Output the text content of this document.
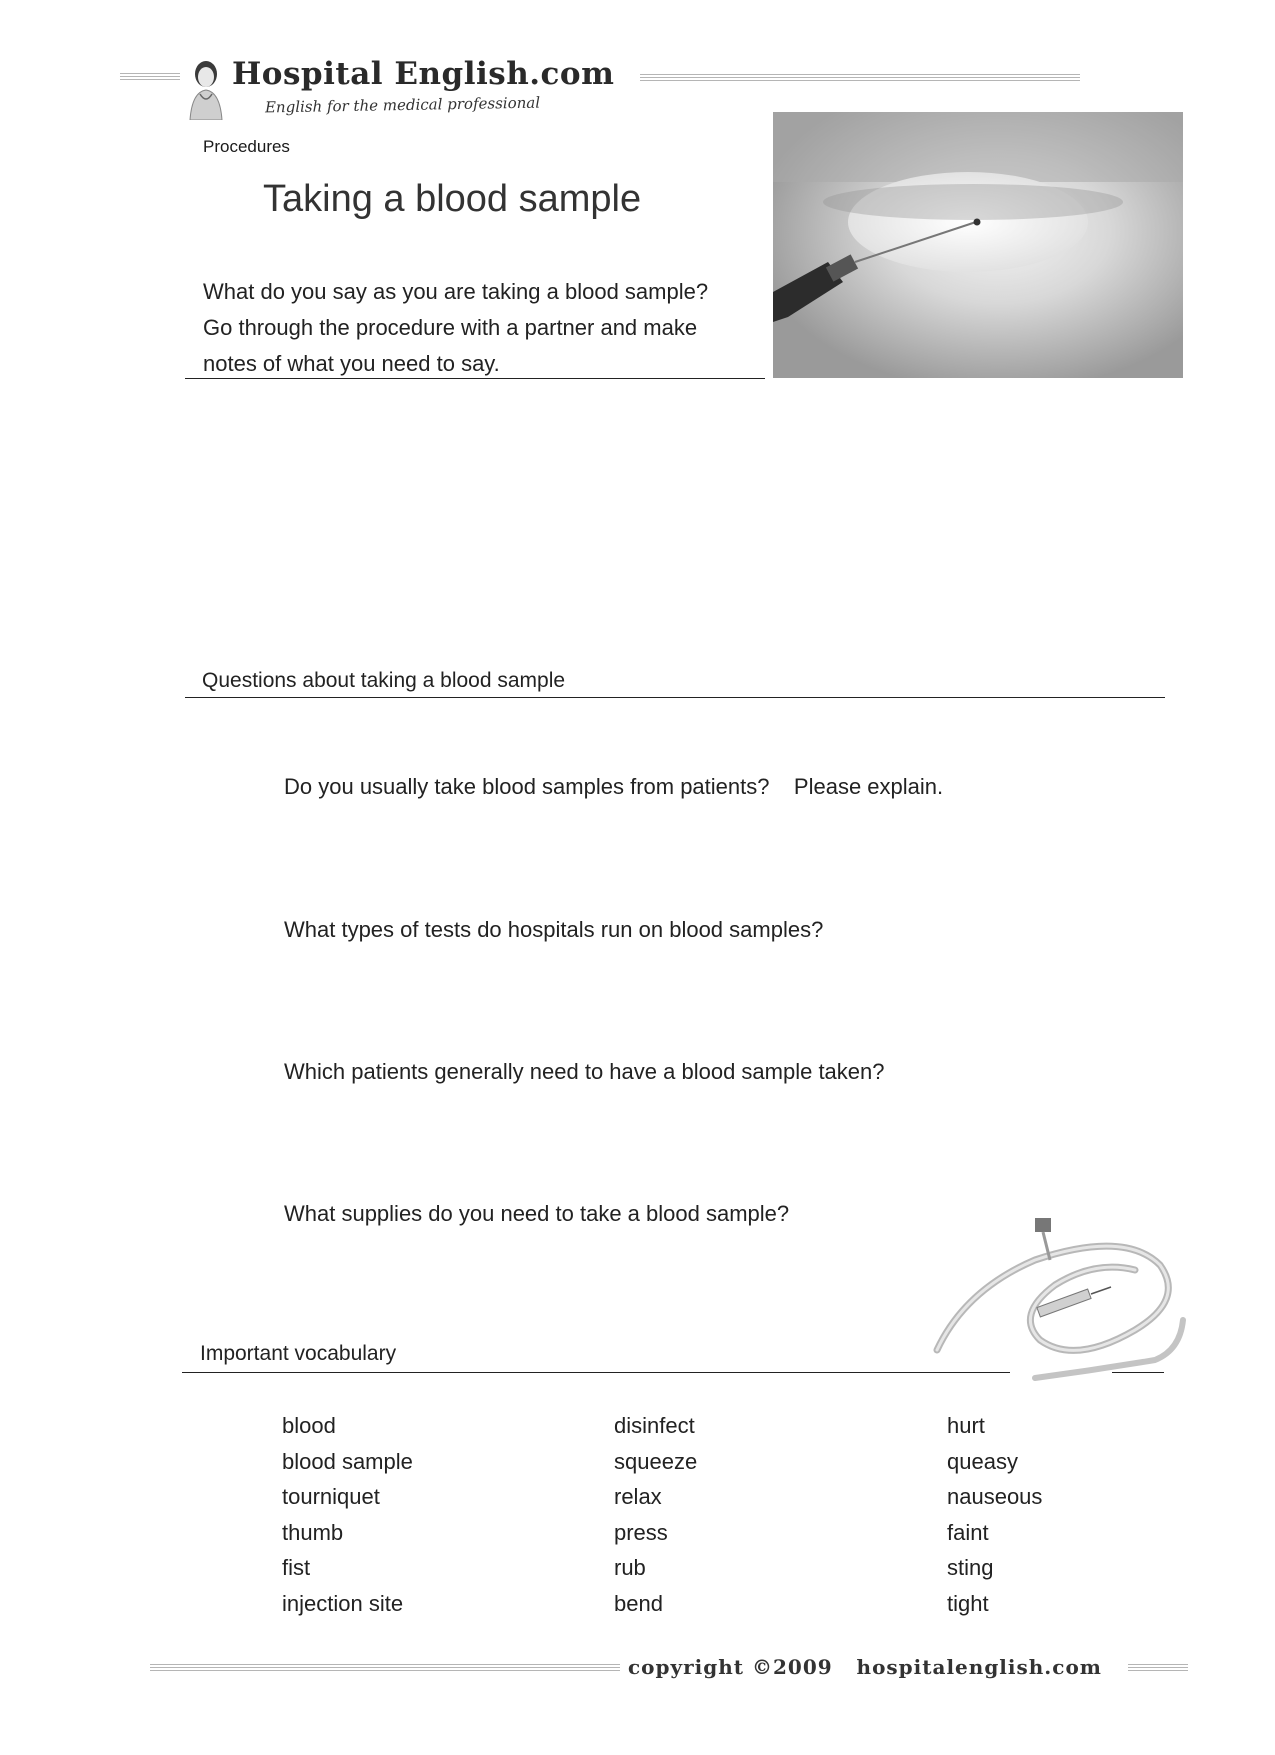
Hospital English.com
English for the medical professional
Procedures
Taking a blood sample
What do you say as you are taking a blood sample?
Go through the procedure with a partner and make
notes of what you need to say.
Questions about taking a blood sample
Do you usually take blood samples from patients?    Please explain.
What types of tests do hospitals run on blood samples?
Which patients generally need to have a blood sample taken?
What supplies do you need to take a blood sample?
Important vocabulary
blood
blood sample
tourniquet
thumb
fist
injection site
disinfect
squeeze
relax
press
rub
bend
hurt
queasy
nauseous
faint
sting
tight
copyright ©2009   hospitalenglish.com
